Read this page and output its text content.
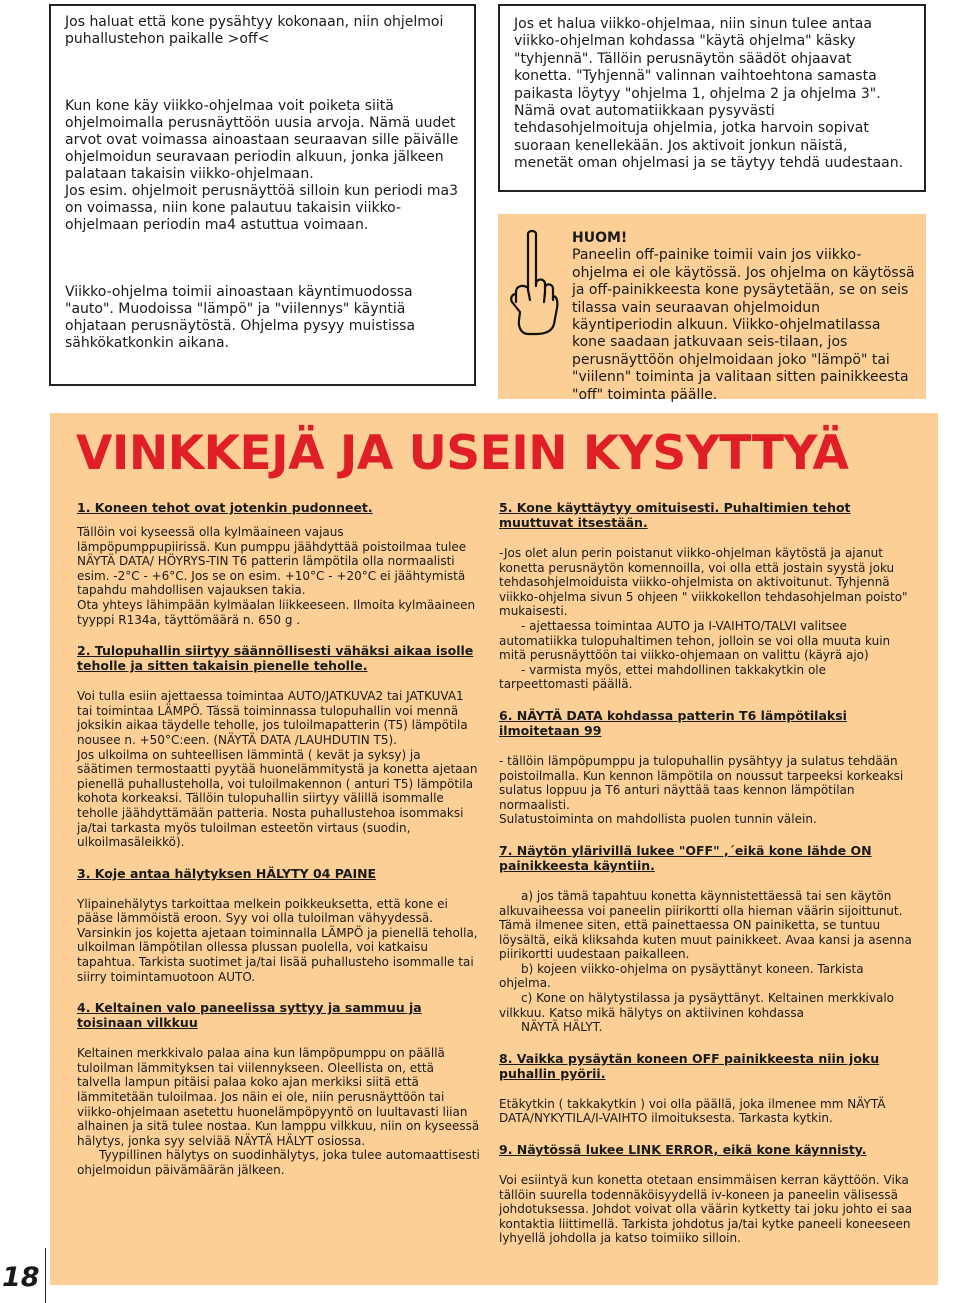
Jos haluat että kone pysähtyy kokonaan, niin ohjelmoi puhallustehon paikalle >off<

Kun kone käy viikko-ohjelmaa voit poiketa siitä ohjelmoimalla perusnäyttöön uusia arvoja. Nämä uudet arvot ovat voimassa ainoastaan seuraavan sille päivälle ohjelmoidun seuravaan periodin alkuun, jonka jälkeen palataan takaisin viikko-ohjelmaan.

Jos esim. ohjelmoit perusnäyttöä silloin kun periodi ma3 on voimassa, niin kone palautuu takaisin viikko-ohjelmaan periodin ma4 astuttua voimaan.

Viikko-ohjelma toimii ainoastaan käyntimuodossa "auto". Muodoissa "lämpö" ja "viilennys" käyntiä ohjataan perusnäytöstä. Ohjelma pysyy muistissa sähkökatkonkin aikana.

Jos et halua viikko-ohjelmaa, niin sinun tulee antaa viikko-ohjelman kohdassa "käytä ohjelma" käsky "tyhjennä". Tällöin perusnäytön säädöt ohjaavat konetta. "Tyhjennä" valinnan vaihtoehtona samasta paikasta löytyy "ohjelma 1, ohjelma 2 ja ohjelma 3". Nämä ovat automatiikkaan pysyvästi tehdasohjelmoituja ohjelmia, jotka harvoin sopivat suoraan kenellekään. Jos aktivoit jonkun näistä, menetät oman ohjelmasi ja se täytyy tehdä uudestaan.

HUOM!
Paneelin off-painike toimii vain jos viikko-ohjelma ei ole käytössä. Jos ohjelma on käytössä ja off-painikkeesta kone pysäytetään, se on seis tilassa vain seuraavan ohjelmoidun käyntiperiodin alkuun. Viikko-ohjelmatilassa kone saadaan jatkuvaan seis-tilaan, jos perusnäyttöön ohjelmoidaan joko "lämpö" tai "viilenn" toiminta ja valitaan sitten painikkeesta "off" toiminta päälle.
VINKKEJÄ JA USEIN KYSYTTYÄ
1. Koneen tehot ovat jotenkin pudonneet.

Tällöin voi kyseessä olla kylmäaineen vajaus lämpöpumppupiirissä. Kun pumppu jäähdyttää poistoilmaa tulee NÄYTÄ DATA/ HÖYRYS-TIN T6 patterin lämpötila olla normaalisti esim. -2°C - +6°C. Jos se on esim. +10°C - +20°C ei jäähtymistä tapahdu mahdollisen vajauksen takia.

Ota yhteys lähimpään kylmäalan liikkeeseen. Ilmoita kylmäaineen tyyppi R134a, täyttömäärä n. 650 g .

2. Tulopuhallin siirtyy säännöllisesti vähäksi aikaa isolle teholle ja sitten takaisin pienelle teholle.

Voi tulla esiin ajettaessa toimintaa AUTO/JATKUVA2 tai JATKUVA1 tai toimintaa LÄMPÖ. Tässä toiminnassa tulopuhallin voi mennä joksikin aikaa täydelle teholle, jos tuloilmapatterin (T5) lämpötila nousee n. +50°C:een. (NÄYTÄ DATA /LAUHDUTIN T5).

Jos ulkoilma on suhteellisen lämmintä ( kevät ja syksy) ja säätimen termostaatti pyytää huonelämmitystä ja konetta ajetaan pienellä puhallusteholla, voi tuloilmakennon ( anturi T5) lämpötila kohota korkeaksi. Tällöin tulopuhallin siirtyy välillä isommalle teholle jäähdyttämään patteria. Nosta puhallustehoa isommaksi ja/tai tarkasta myös tuloilman esteetön virtaus (suodin, ulkoilmasäleikkö).

3. Koje antaa hälytyksen HÄLYTY 04 PAINE

Ylipainehälytys tarkoittaa melkein poikkeuksetta, että kone ei pääse lämmöistä eroon. Syy voi olla tuloilman vähyydessä. Varsinkin jos kojetta ajetaan toiminnalla LÄMPÖ ja pienellä teholla, ulkoilman lämpötilan ollessa plussan puolella, voi katkaisu tapahtua. Tarkista suotimet ja/tai lisää puhallusteho isommalle tai siirry toimintamuotoon AUTO.

4. Keltainen valo paneelissa syttyy ja sammuu ja toisinaan vilkkuu

Keltainen merkkivalo palaa aina kun lämpöpumppu on päällä tuloilman lämmityksen tai viilennykseen. Oleellista on, että talvella lampun pitäisi palaa koko ajan merkiksi siitä että lämmitetään tuloilmaa. Jos näin ei ole, niin perusnäyttöön tai viikko-ohjelmaan asetettu huonelämpöpyyntö on luultavasti liian alhainen ja sitä tulee nostaa. Kun lamppu vilkkuu, niin on kyseessä hälytys, jonka syy selviää NÄYTÄ HÄLYT osiossa.

Tyypillinen hälytys on suodinhälytys, joka tulee automaattisesti ohjelmoidun päivämäärän jälkeen.

5. Kone käyttäytyy omituisesti. Puhaltimien tehot muuttuvat itsestään.

-Jos olet alun perin poistanut viikko-ohjelman käytöstä ja ajanut konetta perusnäytön komennoilla, voi olla että jostain syystä joku tehdasohjelmoiduista viikko-ohjelmista on aktivoitunut. Tyhjennä viikko-ohjelma sivun 5 ohjeen " viikkokellon tehdasohjelman poisto" mukaisesti.

- ajettaessa toimintaa AUTO ja I-VAIHTO/TALVI valitsee automatiikka tulopuhaltimen tehon, jolloin se voi olla muuta kuin mitä perusnäyttöön tai viikko-ohjemaan on valittu (käyrä ajo)

- varmista myös, ettei mahdollinen takkakytkin ole tarpeettomasti päällä.

6. NÄYTÄ DATA kohdassa patterin T6 lämpötilaksi ilmoitetaan 99

- tällöin lämpöpumppu ja tulopuhallin pysähtyy ja sulatus tehdään poistoilmalla. Kun kennon lämpötila on noussut tarpeeksi korkeaksi sulatus loppuu ja T6 anturi näyttää taas kennon lämpötilan normaalisti.

Sulatustoiminta on mahdollista puolen tunnin välein.

7. Näytön ylärivillä lukee "OFF" ,´eikä kone lähde ON painikkeesta käyntiin.

a) jos tämä tapahtuu konetta käynnistettäessä tai sen käytön alkuvaiheessa voi paneelin piirikortti olla hieman väärin sijoittunut. Tämä ilmenee siten, että painettaessa ON painiketta, se tuntuu löysältä, eikä kliksahda kuten muut painikkeet. Avaa kansi ja asenna piirikortti uudestaan paikalleen.

b) kojeen viikko-ohjelma on pysäyttänyt koneen. Tarkista ohjelma.

c) Kone on hälytystilassa ja pysäyttänyt. Keltainen merkkivalo vilkkuu. Katso mikä hälytys on aktiivinen kohdassa

NÄYTÄ HÄLYT.

8. Vaikka pysäytän koneen OFF painikkeesta niin joku puhallin pyörii.

Etäkytkin ( takkakytkin ) voi olla päällä, joka ilmenee mm NÄYTÄ DATA/NYKYTILA/I-VAIHTO ilmoituksesta. Tarkasta kytkin.

9. Näytössä lukee LINK ERROR, eikä kone käynnisty.

Voi esiintyä kun konetta otetaan ensimmäisen kerran käyttöön. Vika tällöin suurella todennäköisyydellä iv-koneen ja paneelin välisessä johdotuksessa. Johdot voivat olla väärin kytketty tai joku johto ei saa kontaktia liittimellä. Tarkista johdotus ja/tai kytke paneeli koneeseen lyhyellä johdolla ja katso toimiiko silloin.

18
